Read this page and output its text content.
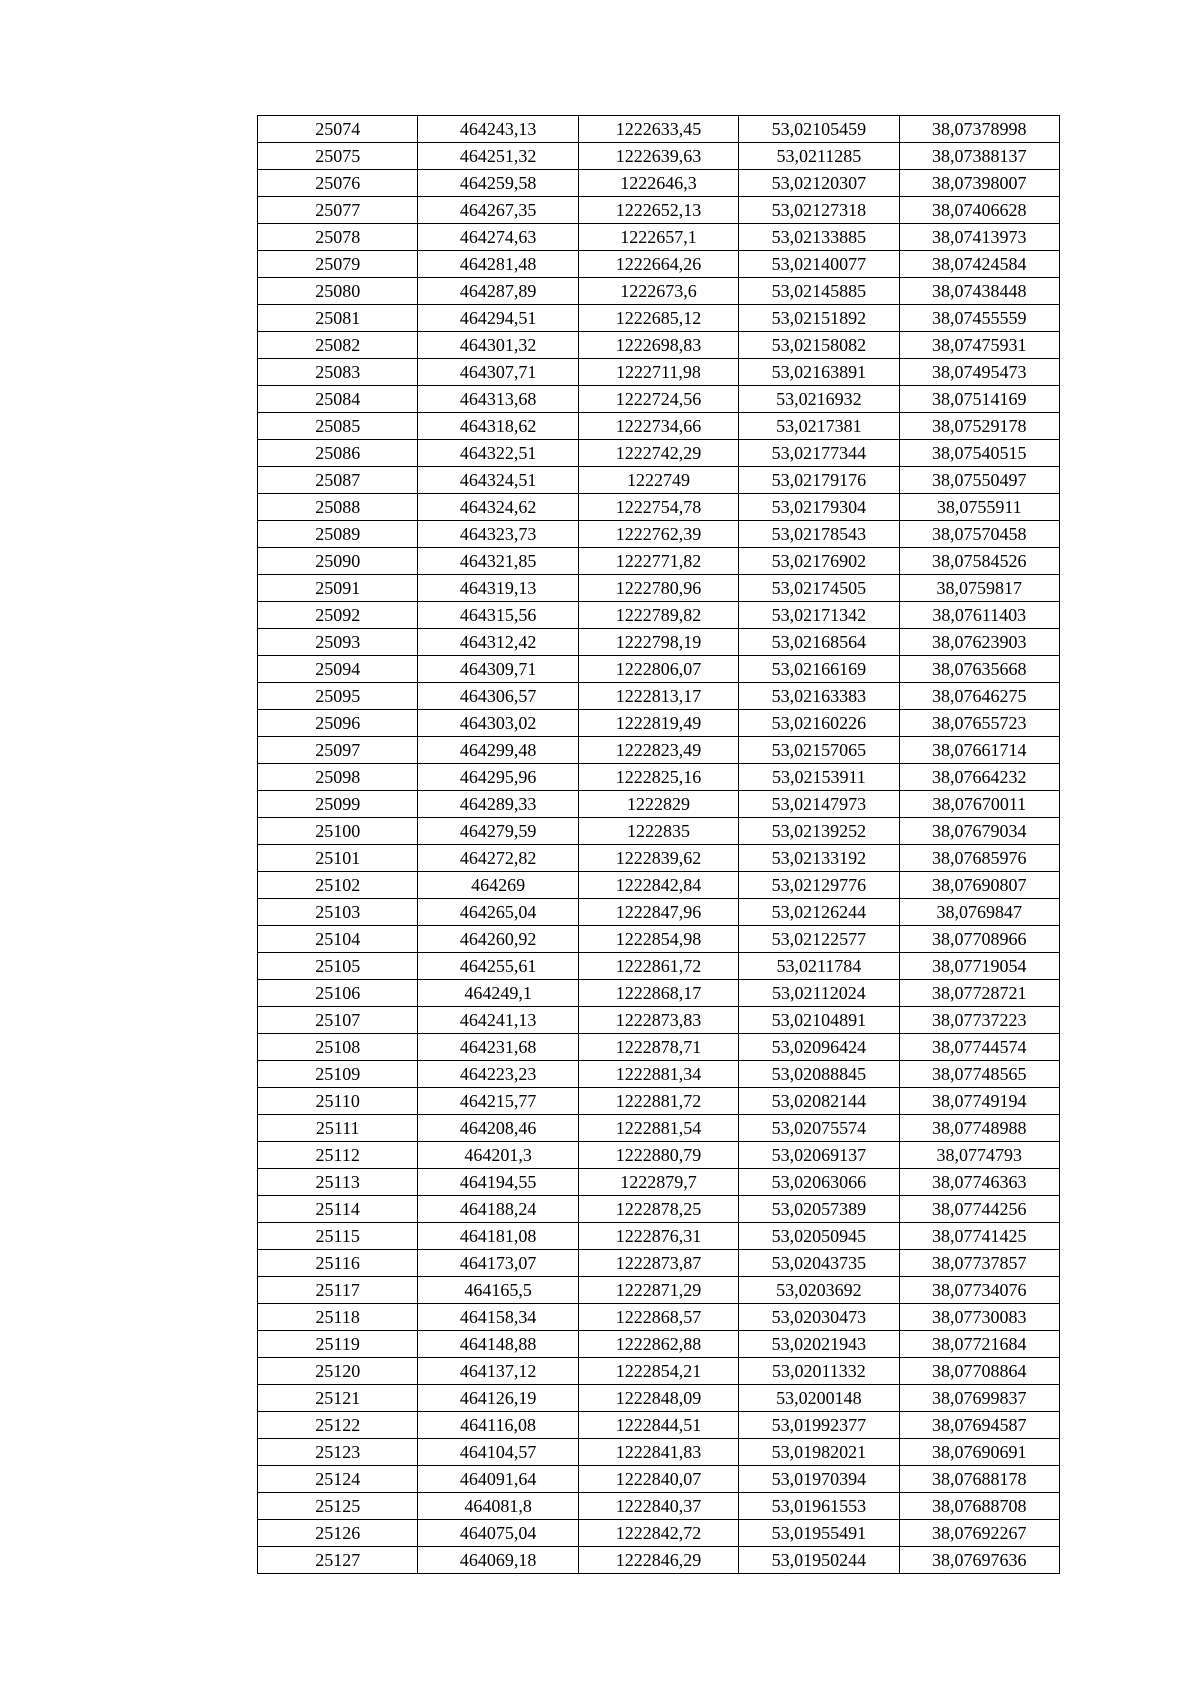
25074	464243,13	1222633,45	53,02105459	38,07378998
25075	464251,32	1222639,63	53,0211285	38,07388137
25076	464259,58	1222646,3	53,02120307	38,07398007
25077	464267,35	1222652,13	53,02127318	38,07406628
25078	464274,63	1222657,1	53,02133885	38,07413973
25079	464281,48	1222664,26	53,02140077	38,07424584
25080	464287,89	1222673,6	53,02145885	38,07438448
25081	464294,51	1222685,12	53,02151892	38,07455559
25082	464301,32	1222698,83	53,02158082	38,07475931
25083	464307,71	1222711,98	53,02163891	38,07495473
25084	464313,68	1222724,56	53,0216932	38,07514169
25085	464318,62	1222734,66	53,0217381	38,07529178
25086	464322,51	1222742,29	53,02177344	38,07540515
25087	464324,51	1222749	53,02179176	38,07550497
25088	464324,62	1222754,78	53,02179304	38,0755911
25089	464323,73	1222762,39	53,02178543	38,07570458
25090	464321,85	1222771,82	53,02176902	38,07584526
25091	464319,13	1222780,96	53,02174505	38,0759817
25092	464315,56	1222789,82	53,02171342	38,07611403
25093	464312,42	1222798,19	53,02168564	38,07623903
25094	464309,71	1222806,07	53,02166169	38,07635668
25095	464306,57	1222813,17	53,02163383	38,07646275
25096	464303,02	1222819,49	53,02160226	38,07655723
25097	464299,48	1222823,49	53,02157065	38,07661714
25098	464295,96	1222825,16	53,02153911	38,07664232
25099	464289,33	1222829	53,02147973	38,07670011
25100	464279,59	1222835	53,02139252	38,07679034
25101	464272,82	1222839,62	53,02133192	38,07685976
25102	464269	1222842,84	53,02129776	38,07690807
25103	464265,04	1222847,96	53,02126244	38,0769847
25104	464260,92	1222854,98	53,02122577	38,07708966
25105	464255,61	1222861,72	53,0211784	38,07719054
25106	464249,1	1222868,17	53,02112024	38,07728721
25107	464241,13	1222873,83	53,02104891	38,07737223
25108	464231,68	1222878,71	53,02096424	38,07744574
25109	464223,23	1222881,34	53,02088845	38,07748565
25110	464215,77	1222881,72	53,02082144	38,07749194
25111	464208,46	1222881,54	53,02075574	38,07748988
25112	464201,3	1222880,79	53,02069137	38,0774793
25113	464194,55	1222879,7	53,02063066	38,07746363
25114	464188,24	1222878,25	53,02057389	38,07744256
25115	464181,08	1222876,31	53,02050945	38,07741425
25116	464173,07	1222873,87	53,02043735	38,07737857
25117	464165,5	1222871,29	53,0203692	38,07734076
25118	464158,34	1222868,57	53,02030473	38,07730083
25119	464148,88	1222862,88	53,02021943	38,07721684
25120	464137,12	1222854,21	53,02011332	38,07708864
25121	464126,19	1222848,09	53,0200148	38,07699837
25122	464116,08	1222844,51	53,01992377	38,07694587
25123	464104,57	1222841,83	53,01982021	38,07690691
25124	464091,64	1222840,07	53,01970394	38,07688178
25125	464081,8	1222840,37	53,01961553	38,07688708
25126	464075,04	1222842,72	53,01955491	38,07692267
25127	464069,18	1222846,29	53,01950244	38,07697636
